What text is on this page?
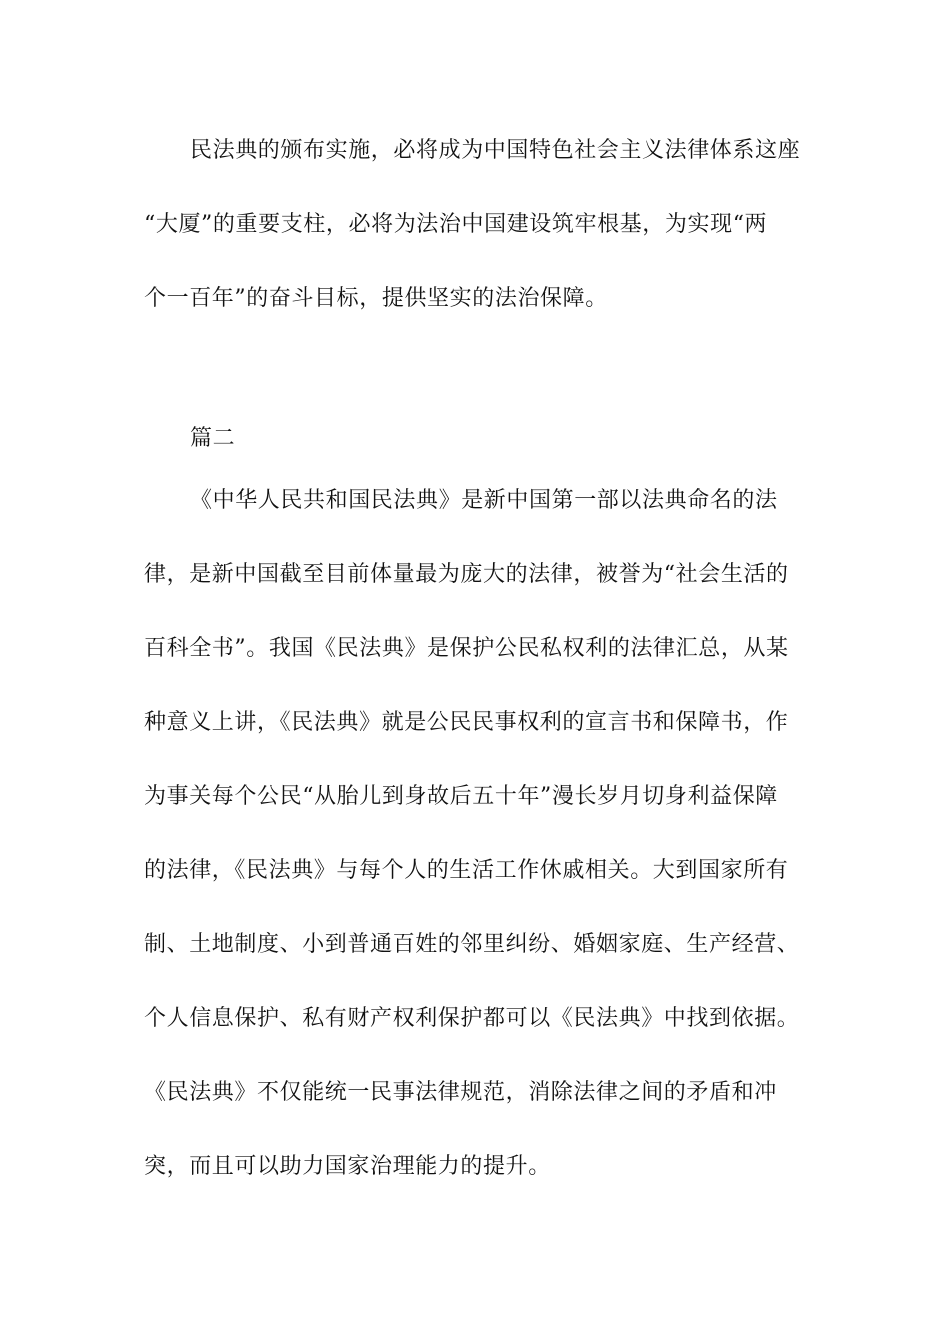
民法典的颁布实施，必将成为中国特色社会主义法律体系这座
“大厦”的重要支柱，必将为法治中国建设筑牢根基，为实现“两
个一百年”的奋斗目标，提供坚实的法治保障。
篇二
《中华人民共和国民法典》是新中国第一部以法典命名的法
律，是新中国截至目前体量最为庞大的法律，被誉为“社会生活的
百科全书”。我国《民法典》是保护公民私权利的法律汇总，从某
种意义上讲，《民法典》就是公民民事权利的宣言书和保障书，作
为事关每个公民“从胎儿到身故后五十年”漫长岁月切身利益保障
的法律，《民法典》与每个人的生活工作休戚相关。大到国家所有
制、土地制度、小到普通百姓的邻里纠纷、婚姻家庭、生产经营、
个人信息保护、私有财产权利保护都可以《民法典》中找到依据。
《民法典》不仅能统一民事法律规范，消除法律之间的矛盾和冲
突，而且可以助力国家治理能力的提升。
